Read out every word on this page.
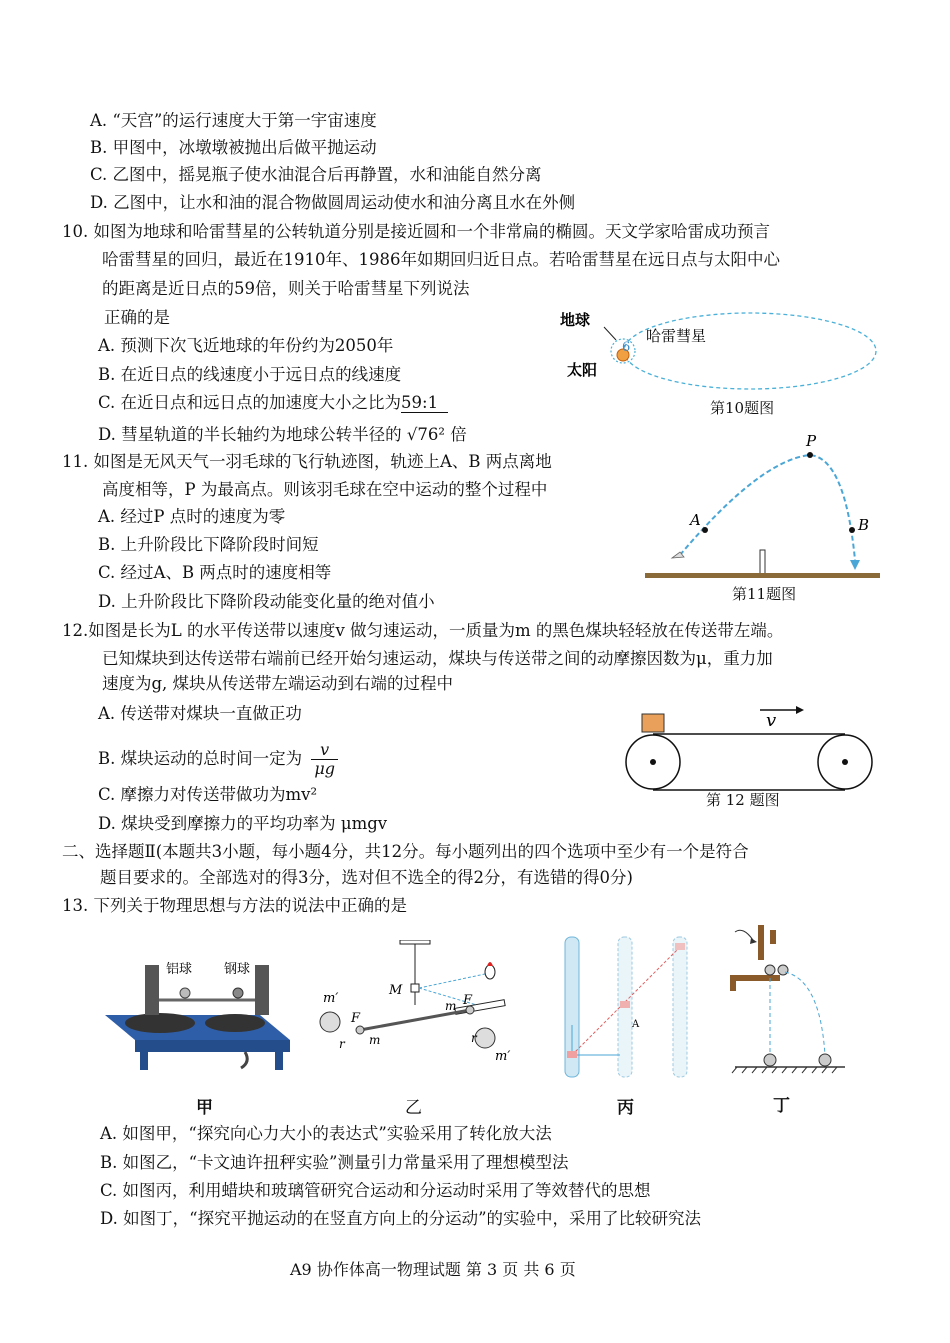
A. “天宫”的运行速度大于第一宇宙速度
B. 甲图中，冰墩墩被抛出后做平抛运动
C. 乙图中，摇晃瓶子使水油混合后再静置，水和油能自然分离
D. 乙图中，让水和油的混合物做圆周运动使水和油分离且水在外侧
10. 如图为地球和哈雷彗星的公转轨道分别是接近圆和一个非常扁的椭圆。天文学家哈雷成功预言
哈雷彗星的回归，最近在1910年、1986年如期回归近日点。若哈雷彗星在远日点与太阳中心
的距离是近日点的59倍，则关于哈雷彗星下列说法
正确的是
A. 预测下次飞近地球的年份约为2050年
B. 在近日点的线速度小于远日点的线速度
C. 在近日点和远日点的加速度大小之比为59:1
D. 彗星轨道的半长轴约为地球公转半径的 √76² 倍
地球
哈雷彗星
太阳
6
第10题图
11. 如图是无风天气一羽毛球的飞行轨迹图，轨迹上A、B 两点离地
高度相等，P 为最高点。则该羽毛球在空中运动的整个过程中
A. 经过P 点时的速度为零
B. 上升阶段比下降阶段时间短
C. 经过A、B 两点时的速度相等
D. 上升阶段比下降阶段动能变化量的绝对值小
A
P
B
第11题图
12.如图是长为L 的水平传送带以速度v 做匀速运动，一质量为m 的黑色煤块轻轻放在传送带左端。
已知煤块到达传送带右端前已经开始匀速运动，煤块与传送带之间的动摩擦因数为μ，重力加
速度为g, 煤块从传送带左端运动到右端的过程中
A. 传送带对煤块一直做正功
B. 煤块运动的总时间一定为 $\frac{v}{\mu g}$
C. 摩擦力对传送带做功为mv²
D. 煤块受到摩擦力的平均功率为 μmgv
v
第 12 题图
二、选择题Ⅱ(本题共3小题，每小题4分，共12分。每小题列出的四个选项中至少有一个是符合
题目要求的。全部选对的得3分，选对但不选全的得2分，有选错的得0分)
13. 下列关于物理思想与方法的说法中正确的是
铝球 钢球
M
m′
m′
F
F
m
m
r	r
A
甲	乙	丙	丁
A. 如图甲，“探究向心力大小的表达式”实验采用了转化放大法
B. 如图乙，“卡文迪许扭秤实验”测量引力常量采用了理想模型法
C. 如图丙，利用蜡块和玻璃管研究合运动和分运动时采用了等效替代的思想
D. 如图丁，“探究平抛运动的在竖直方向上的分运动”的实验中，采用了比较研究法
A9 协作体高一物理试题 第 3 页 共 6 页
